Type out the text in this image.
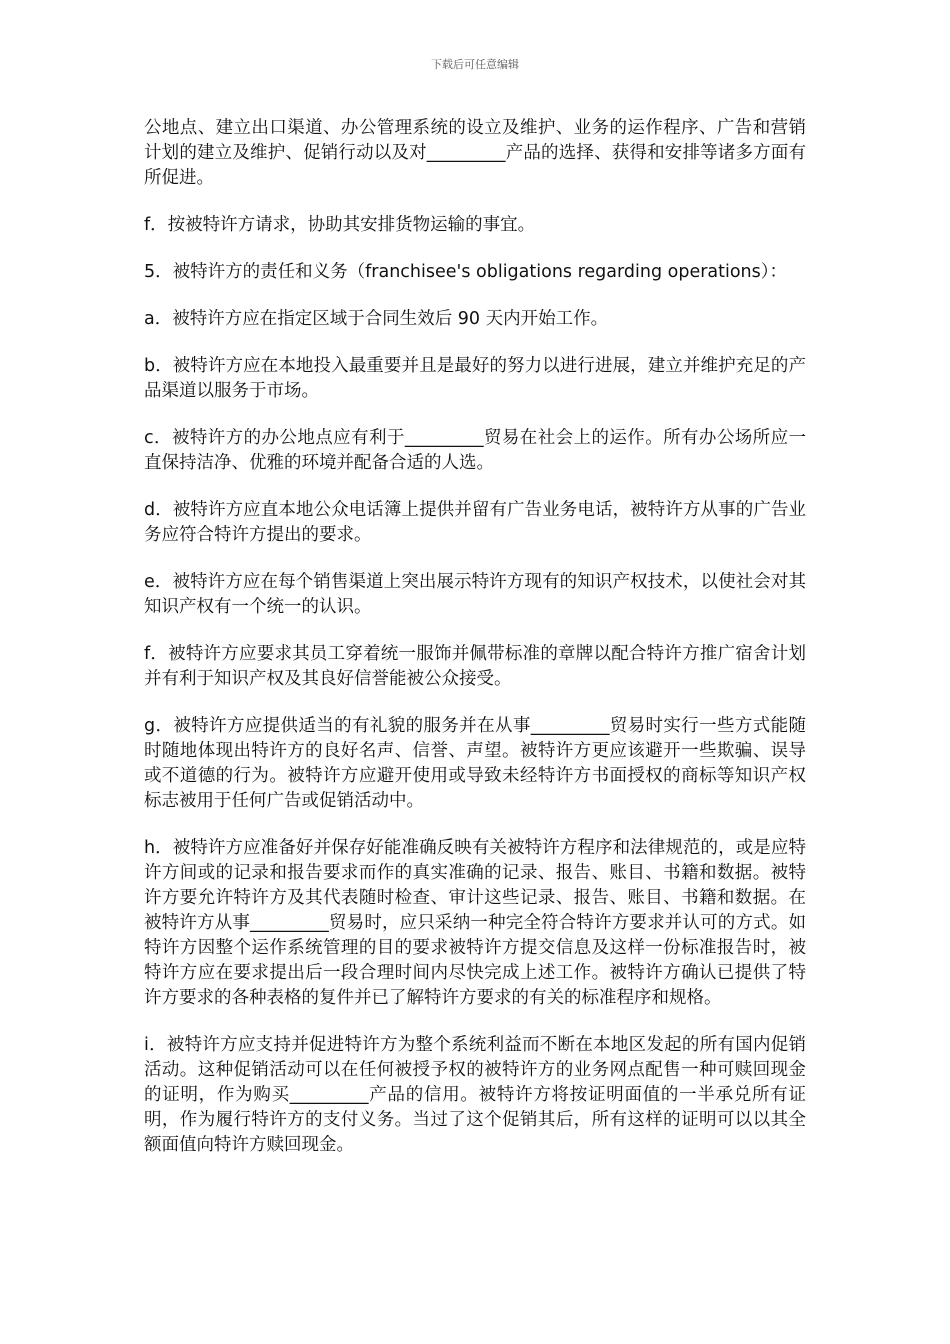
下载后可任意编辑

公地点、建立出口渠道、办公管理系统的设立及维护、业务的运作程序、广告和营销计划的建立及维护、促销行动以及对_________产品的选择、获得和安排等诸多方面有所促进。

f．按被特许方请求，协助其安排货物运输的事宜。

5．被特许方的责任和义务（franchisee's obligations regarding operations）：

a．被特许方应在指定区域于合同生效后 90 天内开始工作。

b．被特许方应在本地投入最重要并且是最好的努力以进行进展，建立并维护充足的产品渠道以服务于市场。

c．被特许方的办公地点应有利于_________贸易在社会上的运作。所有办公场所应一直保持洁净、优雅的环境并配备合适的人选。

d．被特许方应直本地公众电话簿上提供并留有广告业务电话，被特许方从事的广告业务应符合特许方提出的要求。

e．被特许方应在每个销售渠道上突出展示特许方现有的知识产权技术，以使社会对其知识产权有一个统一的认识。

f．被特许方应要求其员工穿着统一服饰并佩带标准的章牌以配合特许方推广宿舍计划并有利于知识产权及其良好信誉能被公众接受。

g．被特许方应提供适当的有礼貌的服务并在从事_________贸易时实行一些方式能随时随地体现出特许方的良好名声、信誉、声望。被特许方更应该避开一些欺骗、误导或不道德的行为。被特许方应避开使用或导致未经特许方书面授权的商标等知识产权标志被用于任何广告或促销活动中。

h．被特许方应准备好并保存好能准确反映有关被特许方程序和法律规范的，或是应特许方间或的记录和报告要求而作的真实准确的记录、报告、账目、书籍和数据。被特许方要允许特许方及其代表随时检查、审计这些记录、报告、账目、书籍和数据。在被特许方从事_________贸易时，应只采纳一种完全符合特许方要求并认可的方式。如特许方因整个运作系统管理的目的要求被特许方提交信息及这样一份标准报告时，被特许方应在要求提出后一段合理时间内尽快完成上述工作。被特许方确认已提供了特许方要求的各种表格的复件并已了解特许方要求的有关的标准程序和规格。

i．被特许方应支持并促进特许方为整个系统利益而不断在本地区发起的所有国内促销活动。这种促销活动可以在任何被授予权的被特许方的业务网点配售一种可赎回现金的证明，作为购买_________产品的信用。被特许方将按证明面值的一半承兑所有证明，作为履行特许方的支付义务。当过了这个促销其后，所有这样的证明可以以其全额面值向特许方赎回现金。
